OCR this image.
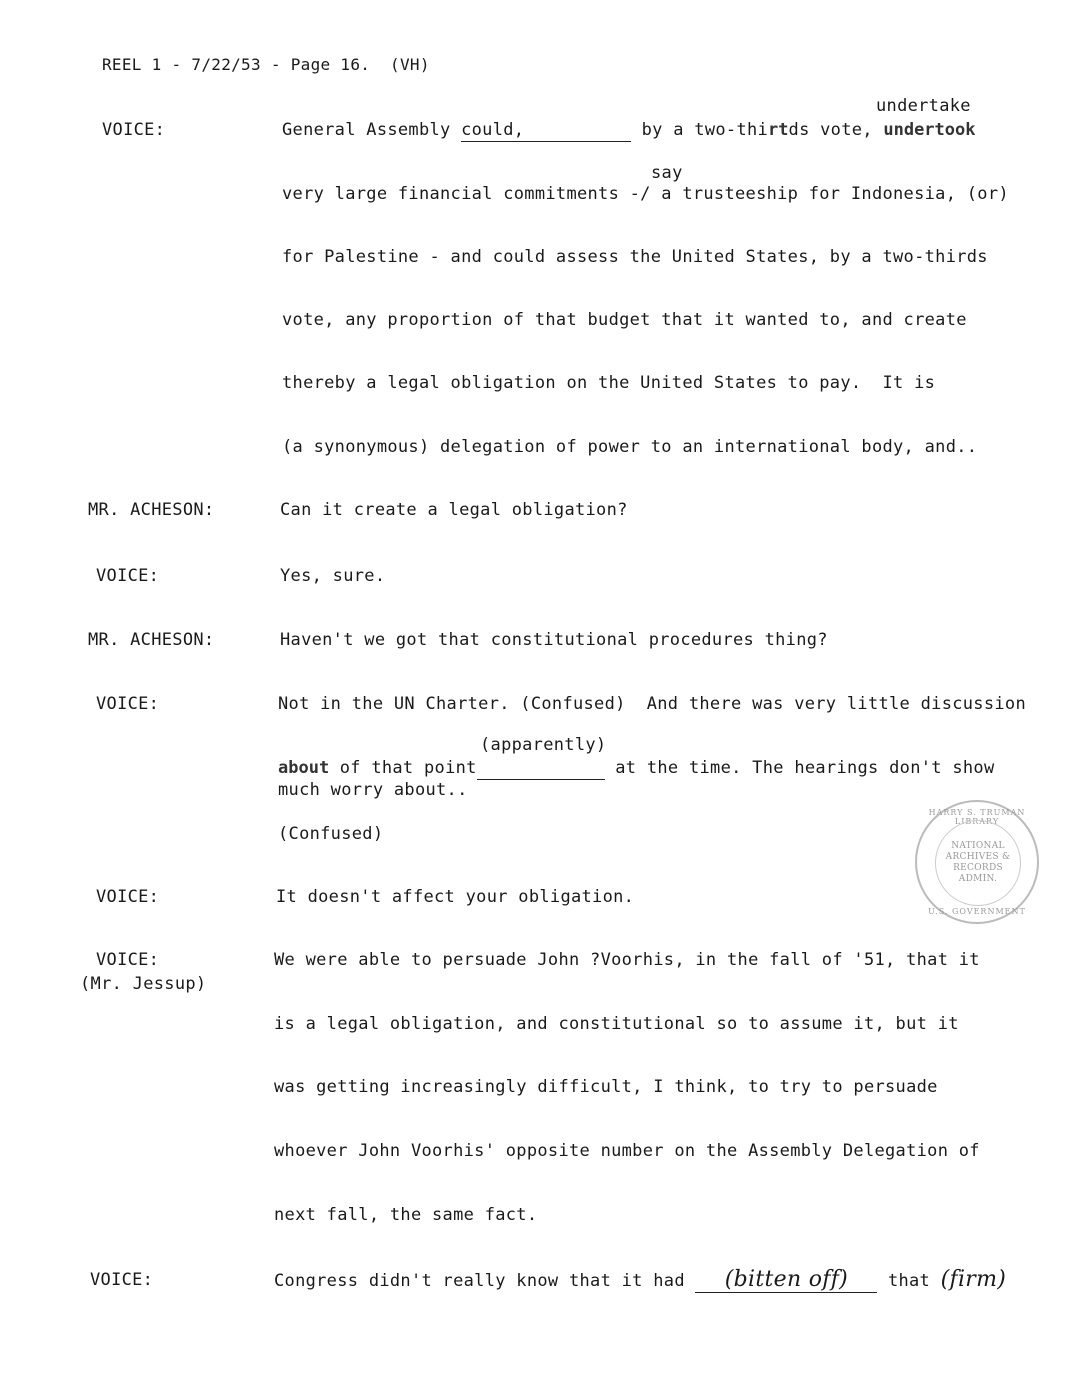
REEL 1 - 7/22/53 - Page 16.  (VH)
VOICE:
undertake
General Assembly could,	by a two-thirtds vote, undertook
say
very large financial commitments -/ a trusteeship for Indonesia, (or)
for Palestine - and could assess the United States, by a two-thirds
vote, any proportion of that budget that it wanted to, and create
thereby a legal obligation on the United States to pay.  It is
(a synonymous) delegation of power to an international body, and..
MR. ACHESON:	Can it create a legal obligation?
VOICE:	Yes, sure.
MR. ACHESON:	Haven't we got that constitutional procedures thing?
VOICE:	Not in the UN Charter. (Confused)  And there was very little discussion
(apparently)
about of that point	at the time. The hearings don't show
much worry about..
(Confused)
VOICE:	It doesn't affect your obligation.
VOICE:
(Mr. Jessup)
We were able to persuade John ?Voorhis, in the fall of '51, that it
is a legal obligation, and constitutional so to assume it, but it
was getting increasingly difficult, I think, to try to persuade
whoever John Voorhis' opposite number on the Assembly Delegation of
next fall, the same fact.
VOICE:	Congress didn't really know that it had (bitten off) that (firm)
HARRY S. TRUMAN LIBRARY
NATIONAL
ARCHIVES &
RECORDS
ADMIN.
U.S. GOVERNMENT
